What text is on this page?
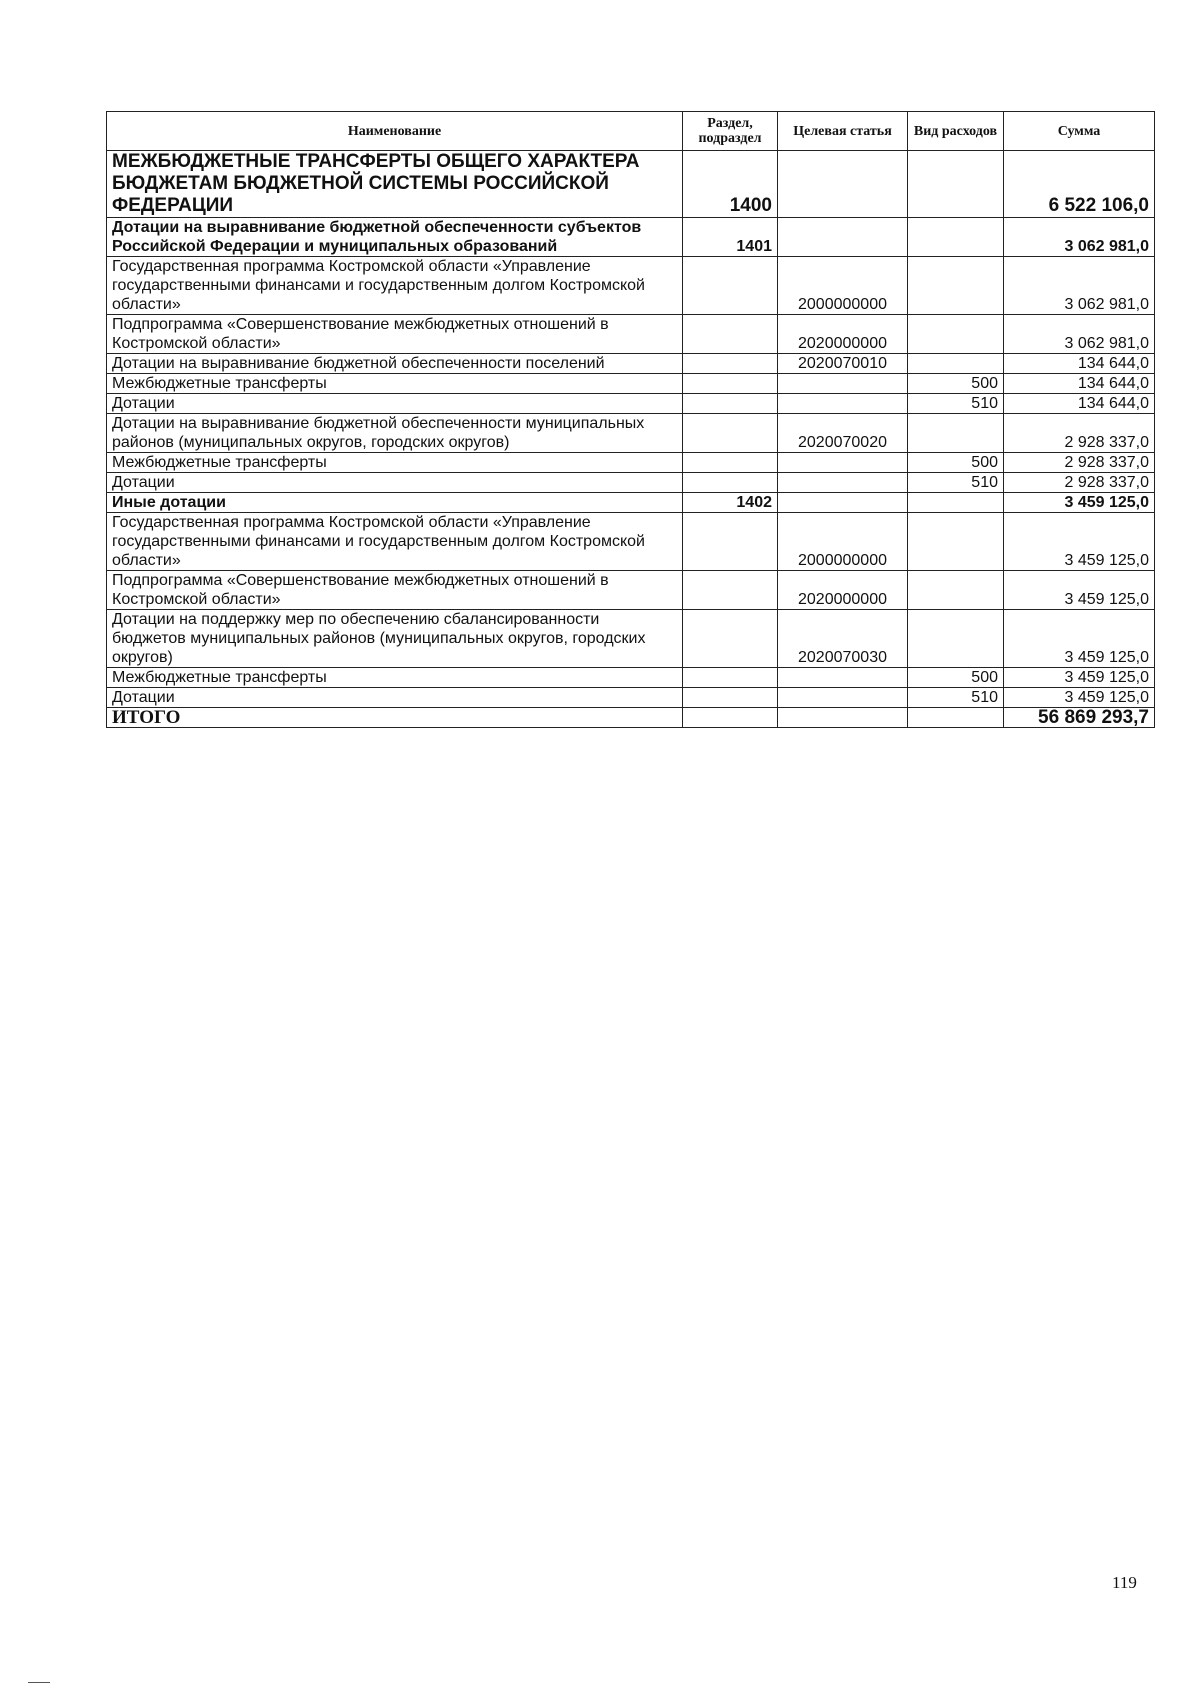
Наименование	Раздел, подраздел	Целевая статья	Вид расходов	Сумма
МЕЖБЮДЖЕТНЫЕ ТРАНСФЕРТЫ ОБЩЕГО ХАРАКТЕРА БЮДЖЕТАМ БЮДЖЕТНОЙ СИСТЕМЫ РОССИЙСКОЙ ФЕДЕРАЦИИ	1400			6 522 106,0
Дотации на выравнивание бюджетной обеспеченности субъектов Российской Федерации и муниципальных образований	1401			3 062 981,0
Государственная программа Костромской области «Управление государственными финансами и государственным долгом Костромской области»		2000000000		3 062 981,0
Подпрограмма «Совершенствование межбюджетных отношений в Костромской области»		2020000000		3 062 981,0
Дотации на выравнивание бюджетной обеспеченности поселений		2020070010		134 644,0
Межбюджетные трансферты			500	134 644,0
Дотации			510	134 644,0
Дотации на выравнивание бюджетной обеспеченности муниципальных районов (муниципальных округов, городских округов)		2020070020		2 928 337,0
Межбюджетные трансферты			500	2 928 337,0
Дотации			510	2 928 337,0
Иные дотации	1402			3 459 125,0
Государственная программа Костромской области «Управление государственными финансами и государственным долгом Костромской области»		2000000000		3 459 125,0
Подпрограмма «Совершенствование межбюджетных отношений в Костромской области»		2020000000		3 459 125,0
Дотации на поддержку мер по обеспечению сбалансированности бюджетов муниципальных районов (муниципальных округов, городских округов)		2020070030		3 459 125,0
Межбюджетные трансферты			500	3 459 125,0
Дотации			510	3 459 125,0
ИТОГО				56 869 293,7
119
